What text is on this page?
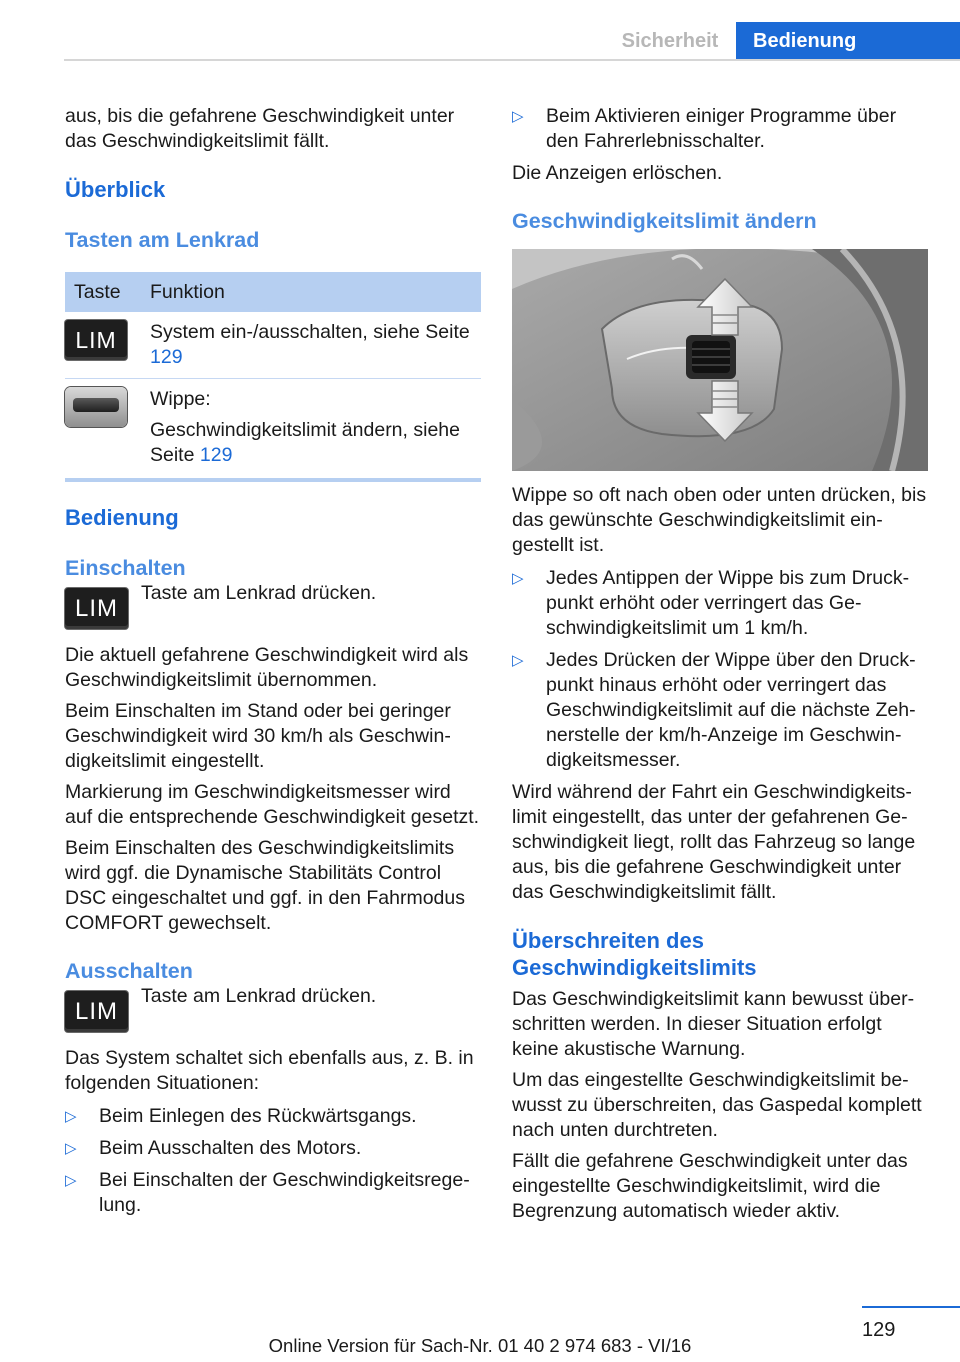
Sicherheit	Bedienung

aus, bis die gefahrene Geschwindigkeit unter das Geschwindigkeitslimit fällt.

Überblick
Tasten am Lenkrad
Taste	Funktion

LIM	System ein-/ausschalten, siehe Seite 129

	Wippe:

Geschwindigkeitslimit ändern, siehe Seite 129
Bedienung
Einschalten
LIM
Taste am Lenkrad drücken.

Die aktuell gefahrene Geschwindigkeit wird als Geschwindigkeitslimit übernommen.

Beim Einschalten im Stand oder bei geringer Geschwindigkeit wird 30 km/h als Geschwindigkeitslimit eingestellt.

Markierung im Geschwindigkeitsmesser wird auf die entsprechende Geschwindigkeit gesetzt.

Beim Einschalten des Geschwindigkeitslimits wird ggf. die Dynamische Stabilitäts Control DSC eingeschaltet und ggf. in den Fahrmodus COMFORT gewechselt.

Ausschalten
LIM
Taste am Lenkrad drücken.

Das System schaltet sich ebenfalls aus, z. B. in folgenden Situationen:

▷ Beim Einlegen des Rückwärtsgangs.
▷ Beim Ausschalten des Motors.
▷ Bei Einschalten der Geschwindigkeitsregelung.
▷ Beim Aktivieren einiger Programme über den Fahrerlebnisschalter.

Die Anzeigen erlöschen.

Geschwindigkeitslimit ändern

Wippe so oft nach oben oder unten drücken, bis das gewünschte Geschwindigkeitslimit eingestellt ist.

▷ Jedes Antippen der Wippe bis zum Druckpunkt erhöht oder verringert das Geschwindigkeitslimit um 1 km/h.
▷ Jedes Drücken der Wippe über den Druckpunkt hinaus erhöht oder verringert das Geschwindigkeitslimit auf die nächste Zehnerstelle der km/h-Anzeige im Geschwindigkeitsmesser.

Wird während der Fahrt ein Geschwindigkeitslimit eingestellt, das unter der gefahrenen Geschwindigkeit liegt, rollt das Fahrzeug so lange aus, bis die gefahrene Geschwindigkeit unter das Geschwindigkeitslimit fällt.

Überschreiten des Geschwindigkeitslimits

Das Geschwindigkeitslimit kann bewusst überschritten werden. In dieser Situation erfolgt keine akustische Warnung.

Um das eingestellte Geschwindigkeitslimit bewusst zu überschreiten, das Gaspedal komplett nach unten durchtreten.

Fällt die gefahrene Geschwindigkeit unter das eingestellte Geschwindigkeitslimit, wird die Begrenzung automatisch wieder aktiv.

129
Online Version für Sach-Nr. 01 40 2 974 683 - VI/16
